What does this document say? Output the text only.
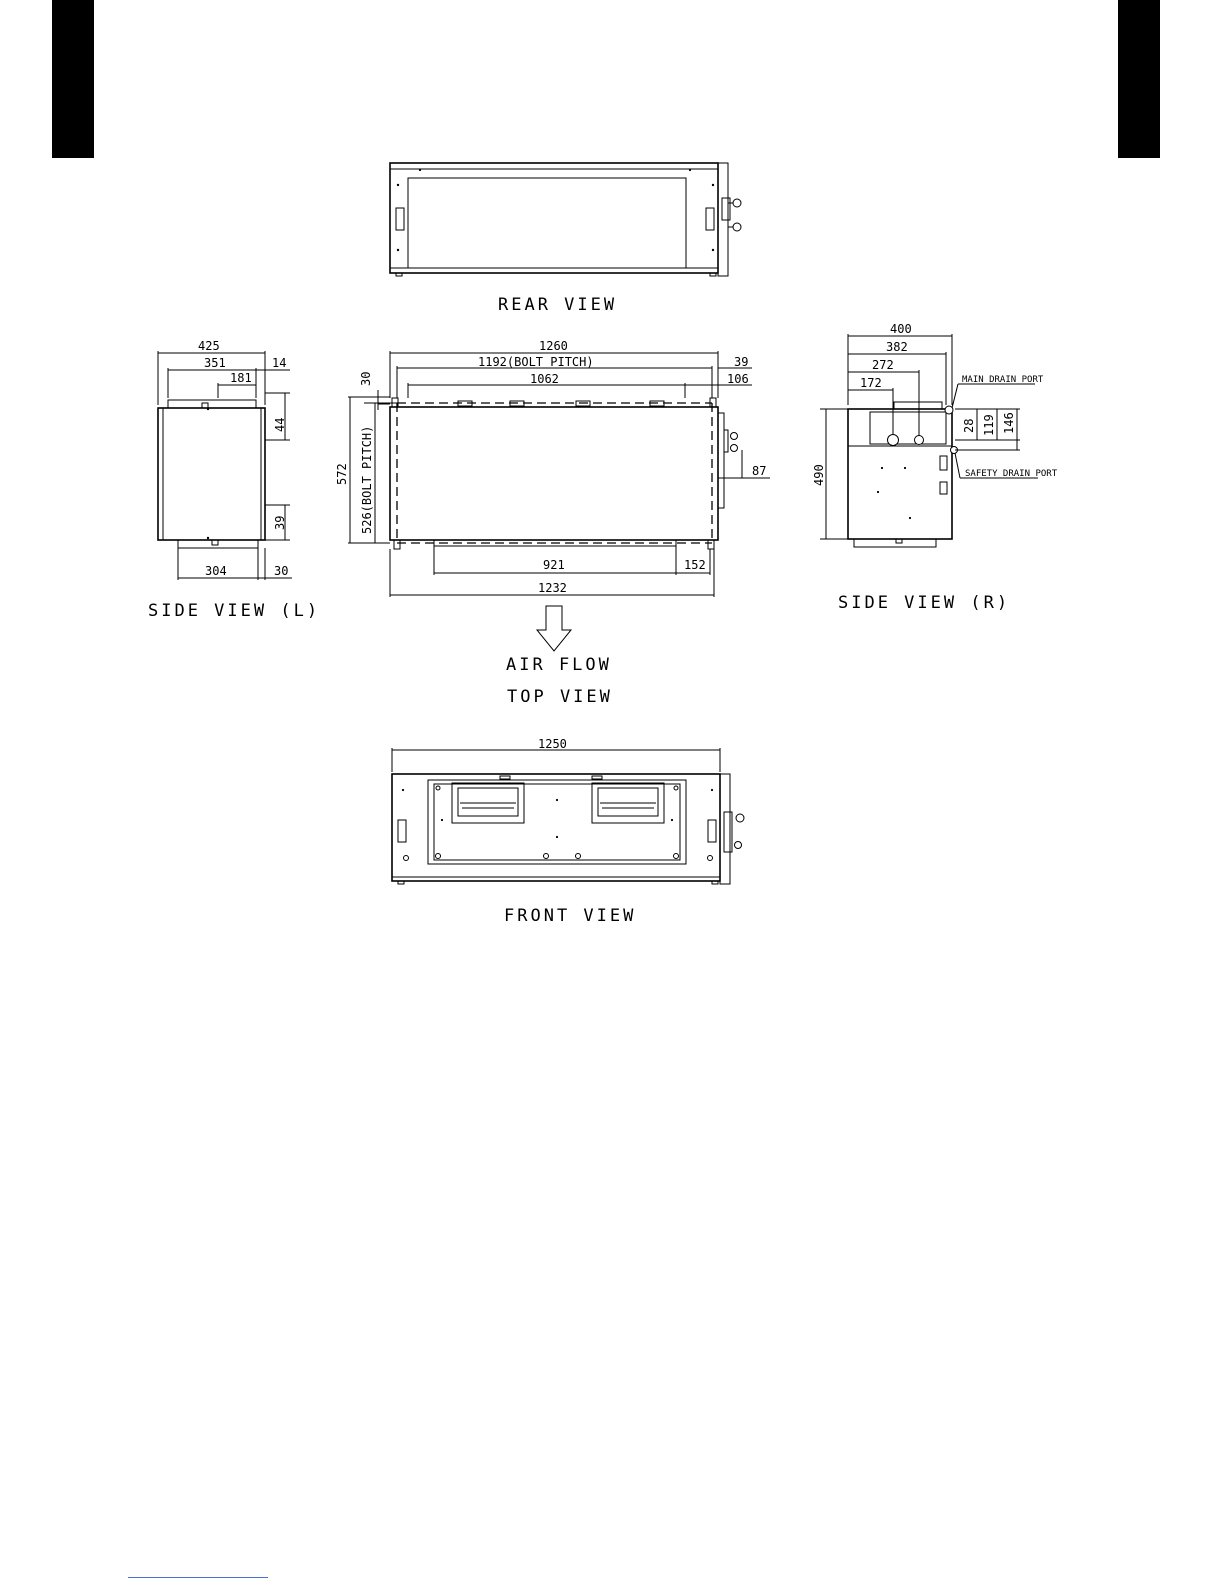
REAR VIEW
1260
1192(BOLT PITCH)
1062
39
106
87
921	152
1232
30
572 526(BOLT PITCH)
AIR FLOW
TOP VIEW
425
351	14
181
44
39
304	30
SIDE VIEW (L)
400
382
272
172
28 119 146
490
MAIN DRAIN PORT
SAFETY DRAIN PORT
SIDE VIEW (R)
1250
FRONT VIEW
